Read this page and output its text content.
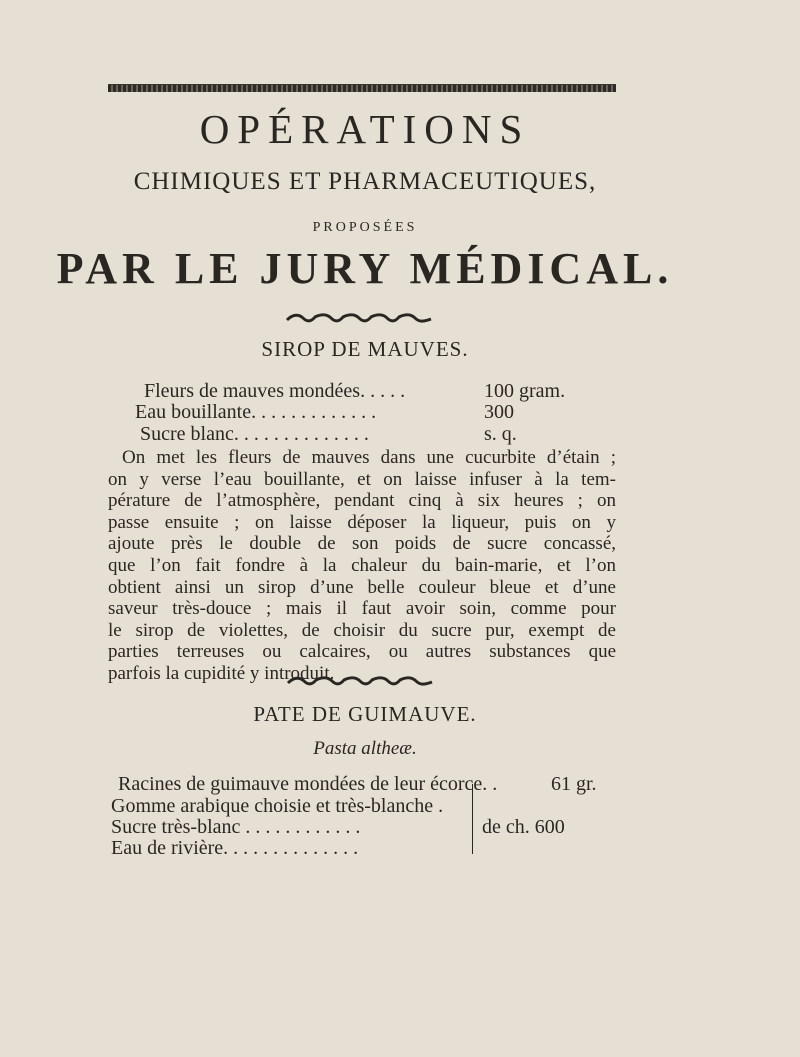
OPÉRATIONS
CHIMIQUES ET PHARMACEUTIQUES,
PROPOSÉES
PAR LE JURY MÉDICAL.
SIROP DE MAUVES.
Fleurs de mauves mondées. . . . .	100 gram.
Eau bouillante. . . . . . . . . . . . .	300
Sucre blanc. . . . . . . . . . . . . .	s. q.
On met les fleurs de mauves dans une cucurbite d’étain ;
on y verse l’eau bouillante, et on laisse infuser à la tem-
pérature de l’atmosphère, pendant cinq à six heures ; on
passe ensuite ; on laisse déposer la liqueur, puis on y
ajoute près le double de son poids de sucre concassé,
que l’on fait fondre à la chaleur du bain-marie, et l’on
obtient ainsi un sirop d’une belle couleur bleue et d’une
saveur très-douce ; mais il faut avoir soin, comme pour
le sirop de violettes, de choisir du sucre pur, exempt de
parties terreuses ou calcaires, ou autres substances que
parfois la cupidité y introduit.
PATE DE GUIMAUVE.
Pasta altheæ.
Racines de guimauve mondées de leur écorce. .	61 gr.
Gomme arabique choisie et très-blanche .
Sucre très-blanc . . . . . . . . . . . .	de ch. 600
Eau de rivière. . . . . . . . . . . . . .
